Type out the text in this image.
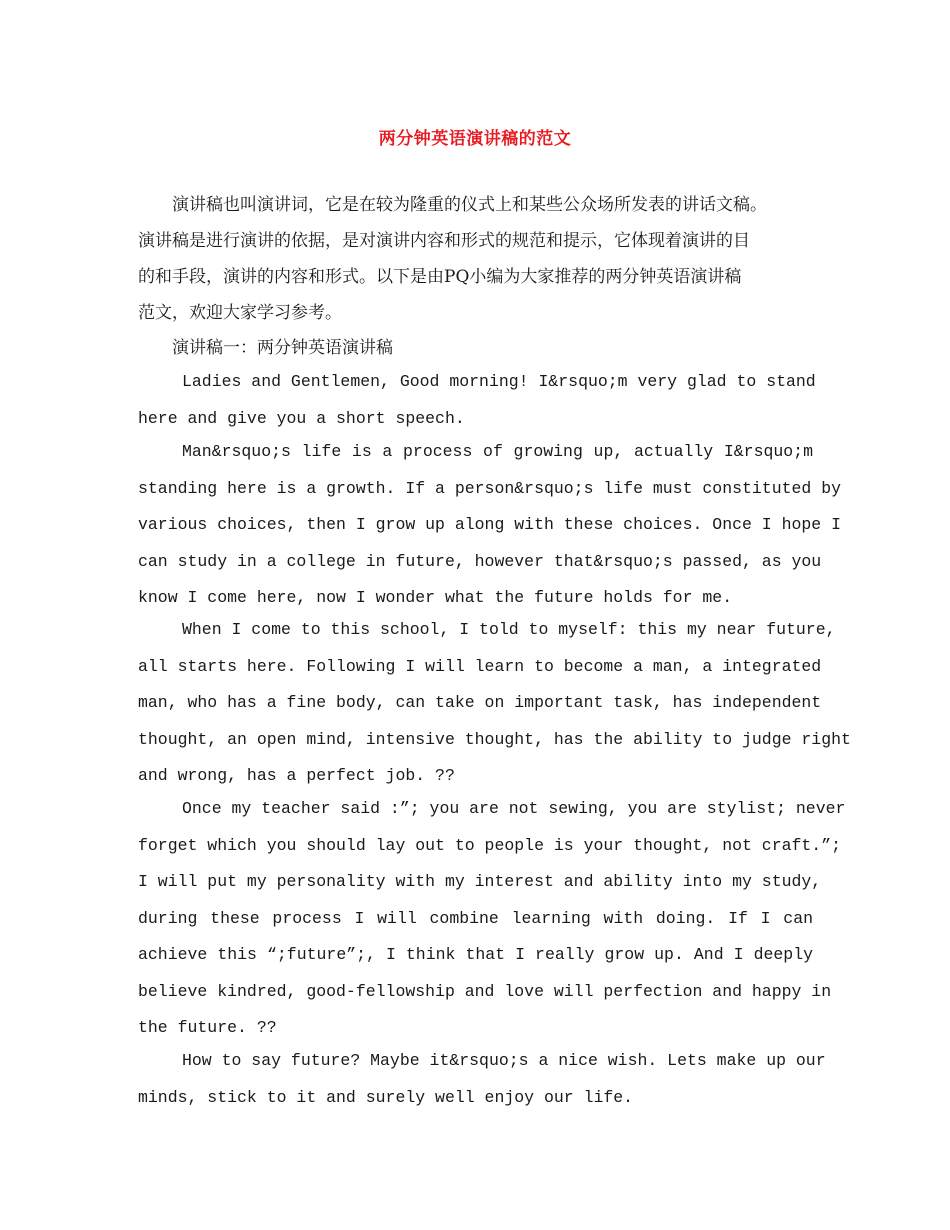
两分钟英语演讲稿的范文
　　演讲稿也叫演讲词，它是在较为隆重的仪式上和某些公众场所发表的讲话文稿。
演讲稿是进行演讲的依据，是对演讲内容和形式的规范和提示，它体现着演讲的目
的和手段，演讲的内容和形式。以下是由PQ小编为大家推荐的两分钟英语演讲稿
范文，欢迎大家学习参考。
　　演讲稿一：两分钟英语演讲稿
Ladies and Gentlemen, Good morning! I&rsquo;m very glad to stand
here and give you a short speech.
Man&rsquo;s life is a process of growing up, actually I&rsquo;m
standing here is a growth. If a person&rsquo;s life must constituted by
various choices, then I grow up along with these choices. Once I hope I
can study in a college in future, however that&rsquo;s passed, as you
know I come here, now I wonder what the future holds for me.
When I come to this school, I told to myself: this my near future,
all starts here. Following I will learn to become a man, a integrated
man, who has a fine body, can take on important task, has independent
thought, an open mind, intensive thought, has the ability to judge right
and wrong, has a perfect job. ??
Once my teacher said :”; you are not sewing, you are stylist; never
forget which you should lay out to people is your thought, not craft.”;
I will put my personality with my interest and ability into my study,
during these process I will combine learning with doing. If I can
achieve this “;future”;, I think that I really grow up. And I deeply
believe kindred, good-fellowship and love will perfection and happy in
the future. ??
How to say future? Maybe it&rsquo;s a nice wish. Lets make up our
minds, stick to it and surely well enjoy our life.
